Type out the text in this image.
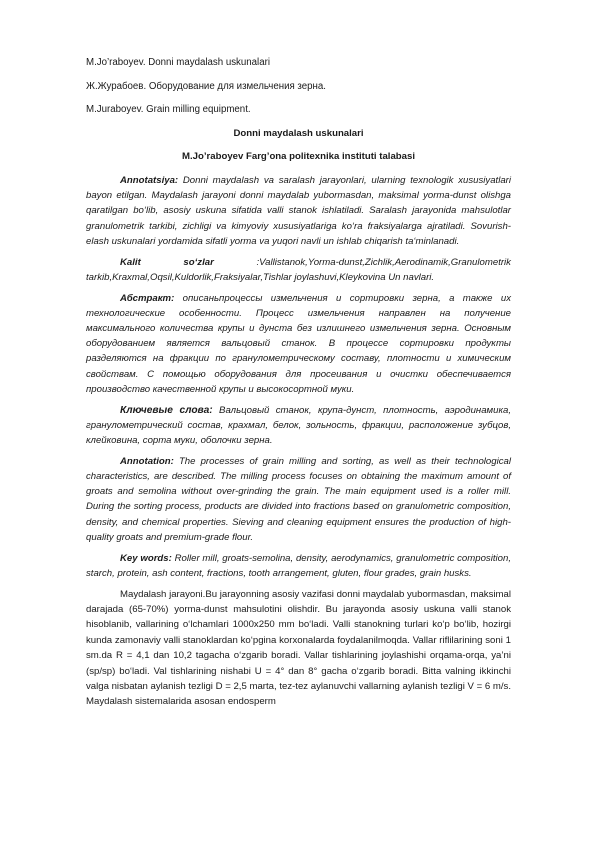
M.Jo’raboyev. Donni maydalash uskunalari
Ж.Журабоев. Оборудование для измельчения зерна.
M.Juraboyev. Grain milling equipment.
Donni maydalash uskunalari
M.Jo’raboyev Farg’ona politexnika instituti talabasi

Annotatsiya: Donni maydalash va saralash jarayonlari, ularning texnologik xususiyatlari bayon etilgan. Maydalash jarayoni donni maydalab yubormasdan, maksimal yorma-dunst olishga qaratilgan bo‘lib, asosiy uskuna sifatida valli stanok ishlatiladi. Saralash jarayonida mahsulotlar granulometrik tarkibi, zichligi va kimyoviy xususiyatlariga ko‘ra fraksiyalarga ajratiladi. Sovurish-elash uskunalari yordamida sifatli yorma va yuqori navli un ishlab chiqarish ta‘minlanadi.

Kalit so‘zlar :Vallistanok,Yorma-dunst,Zichlik,Aerodinamik,Granulometrik tarkib,Kraxmal,Oqsil,Kuldorlik,Fraksiyalar,Tishlar joylashuvi,Kleykovina Un navlari.

Абстракт: описаньпроцессы измельчения и сортировки зерна, а также их технологические особенности. Процесс измельчения направлен на получение максимального количества крупы и дунста без излишнего измельчения зерна. Основным оборудованием является вальцовый станок. В процессе сортировки продукты разделяются на фракции по гранулометрическому составу, плотности и химическим свойствам. С помощью оборудования для просеивания и очистки обеспечивается производство качественной крупы и высокосортной муки.

Ключевые слова: Вальцовый станок, крупа-дунст, плотность, аэродинамика, гранулометрический состав, крахмал, белок, зольность, фракции, расположение зубцов, клейковина, сорта муки, оболочки зерна.

Annotation: The processes of grain milling and sorting, as well as their technological characteristics, are described. The milling process focuses on obtaining the maximum amount of groats and semolina without over-grinding the grain. The main equipment used is a roller mill. During the sorting process, products are divided into fractions based on granulometric composition, density, and chemical properties. Sieving and cleaning equipment ensures the production of high-quality groats and premium-grade flour.

Key words: Roller mill, groats-semolina, density, aerodynamics, granulometric composition, starch, protein, ash content, fractions, tooth arrangement, gluten, flour grades, grain husks.

Maydalash jarayoni.Bu jarayonning asosiy vazifasi donni maydalab yubormasdan, maksimal darajada (65-70%) yorma-dunst mahsulotini olishdir. Bu jarayonda asosiy uskuna valli stanok hisoblanib, vallarining o‘lchamlari 1000x250 mm bo‘ladi. Valli stanokning turlari ko‘p bo‘lib, hozirgi kunda zamonaviy valli stanoklardan ko‘pgina korxonalarda foydalanilmoqda. Vallar riflilarining soni 1 sm.da R = 4,1 dan 10,2 tagacha o‘zgarib boradi. Vallar tishlarining joylashishi orqama-orqa, ya’ni (sp/sp) bo‘ladi. Val tishlarining nishabi U = 4° dan 8° gacha o‘zgarib boradi. Bitta valning ikkinchi valga nisbatan aylanish tezligi D = 2,5 marta, tez-tez aylanuvchi vallarning aylanish tezligi V = 6 m/s. Maydalash sistemalarida asosan endosperm
